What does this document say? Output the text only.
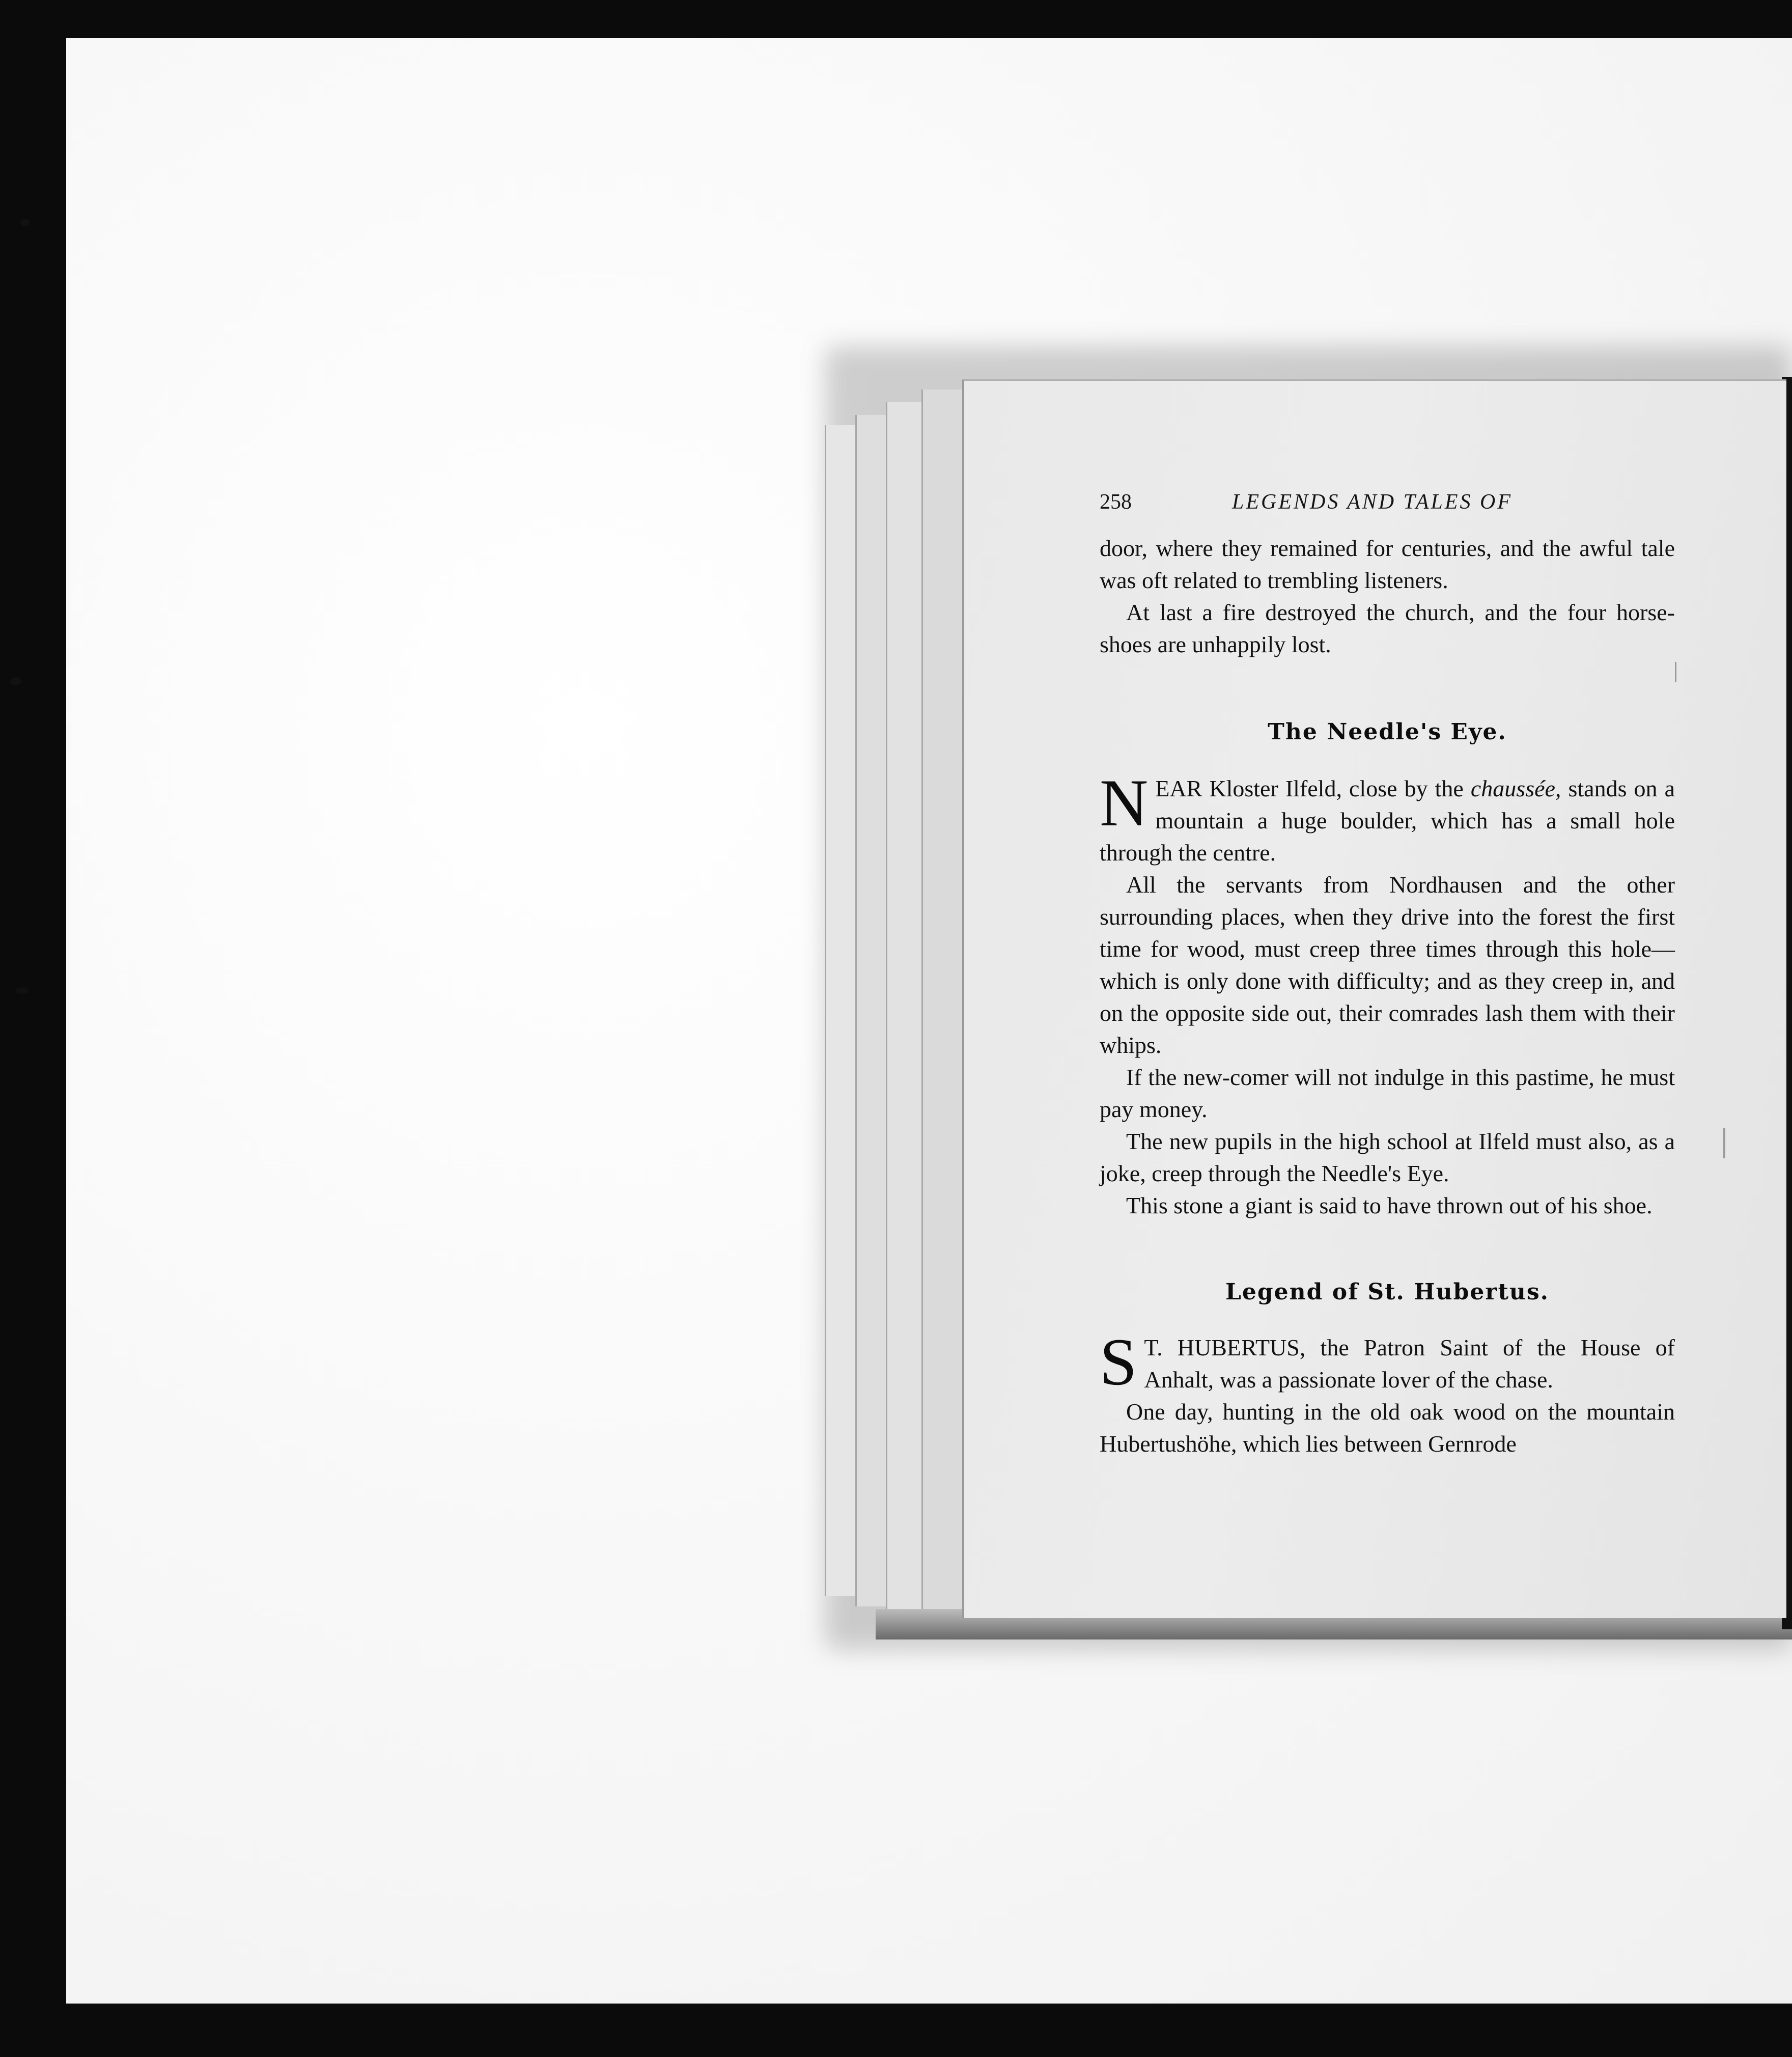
258	LEGENDS AND TALES OF

door, where they remained for centuries, and the awful tale was oft related to trembling listeners.

At last a fire destroyed the church, and the four horse-shoes are unhappily lost.

The Needle's Eye.

NEAR Kloster Ilfeld, close by the chaussée, stands on a mountain a huge boulder, which has a small hole through the centre.

All the servants from Nordhausen and the other surrounding places, when they drive into the forest the first time for wood, must creep three times through this hole—which is only done with difficulty; and as they creep in, and on the opposite side out, their comrades lash them with their whips.

If the new-comer will not indulge in this pastime, he must pay money.

The new pupils in the high school at Ilfeld must also, as a joke, creep through the Needle's Eye.

This stone a giant is said to have thrown out of his shoe.

Legend of St. Hubertus.

S T. HUBERTUS, the Patron Saint of the House of Anhalt, was a passionate lover of the chase.

One day, hunting in the old oak wood on the mountain Hubertushöhe, which lies between Gernrode
